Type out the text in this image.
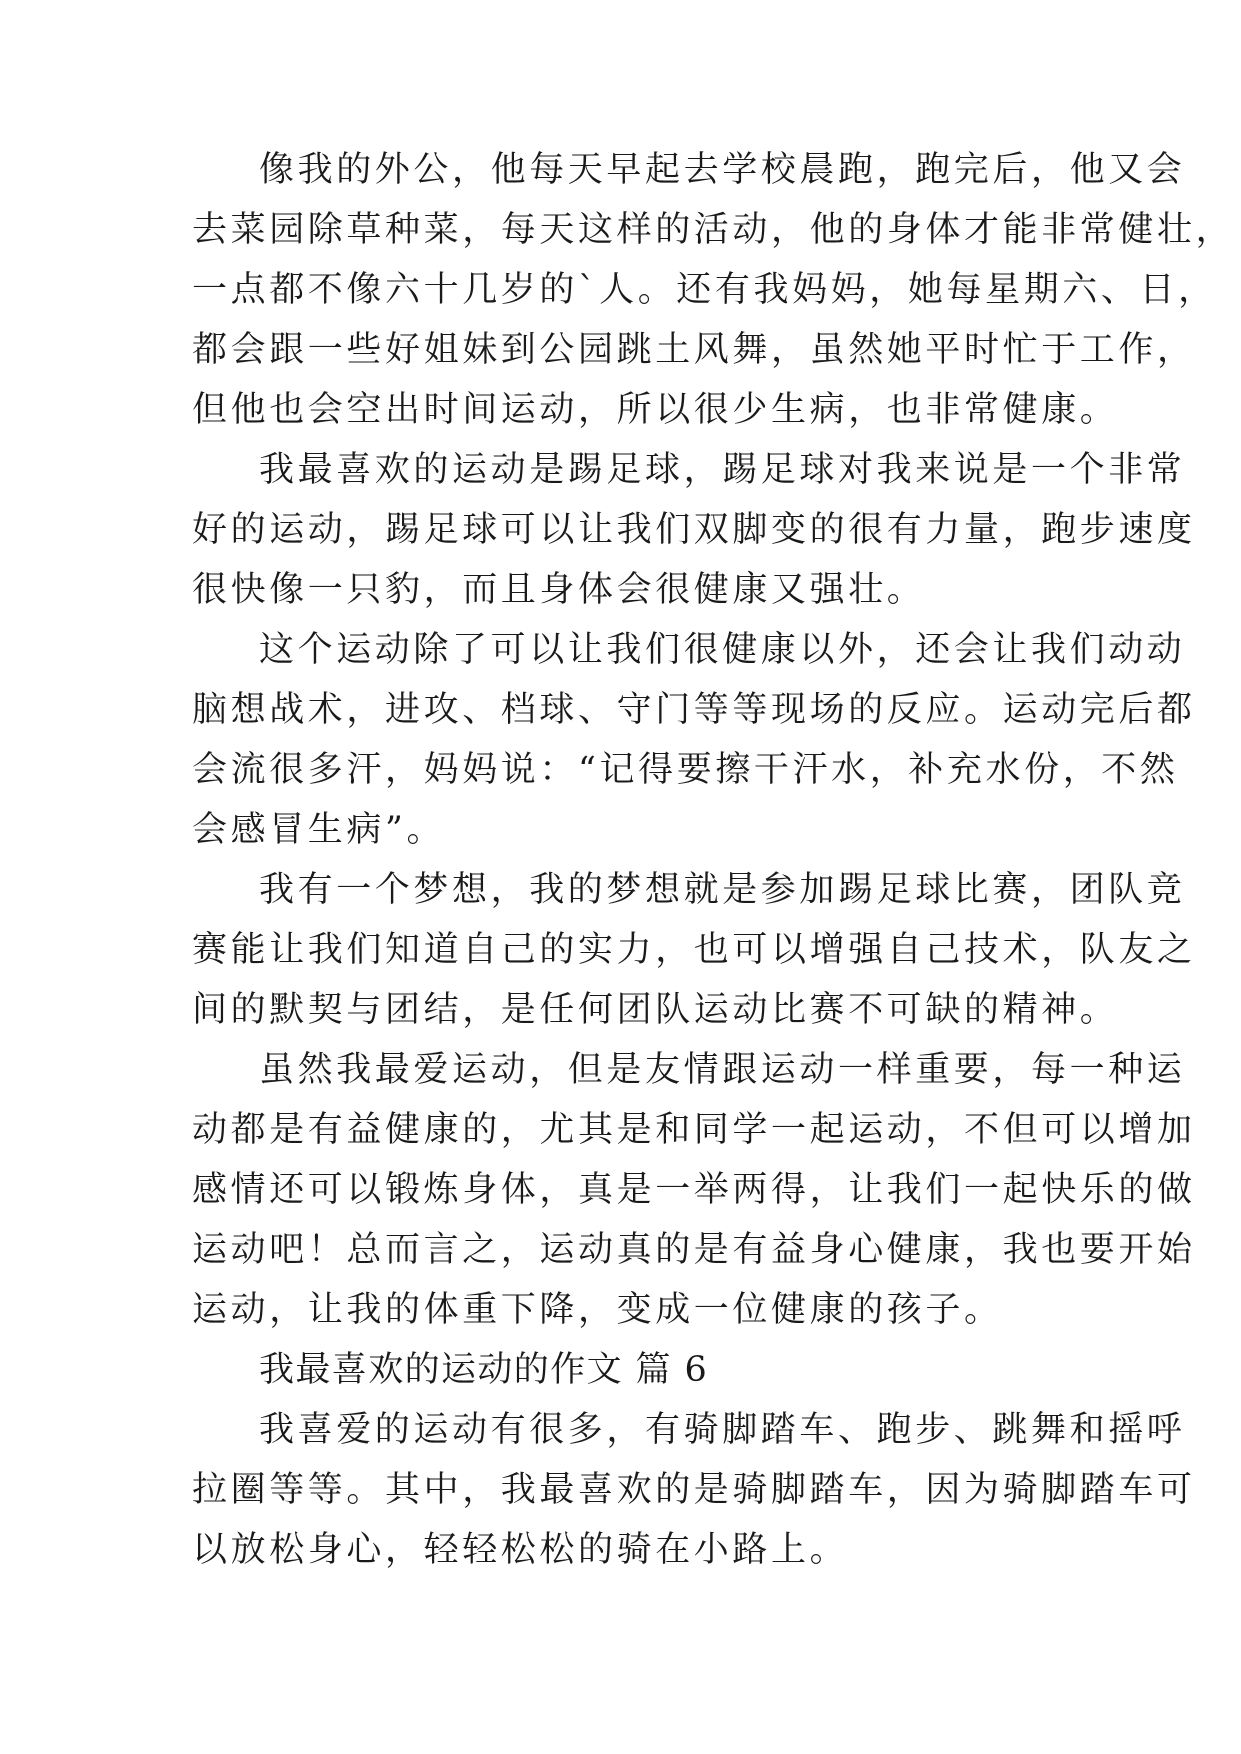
像我的外公，他每天早起去学校晨跑，跑完后，他又会
去菜园除草种菜，每天这样的活动，他的身体才能非常健壮，
一点都不像六十几岁的`人。还有我妈妈，她每星期六、日，
都会跟一些好姐妹到公园跳土风舞，虽然她平时忙于工作，
但他也会空出时间运动，所以很少生病，也非常健康。
我最喜欢的运动是踢足球，踢足球对我来说是一个非常
好的运动，踢足球可以让我们双脚变的很有力量，跑步速度
很快像一只豹，而且身体会很健康又强壮。
这个运动除了可以让我们很健康以外，还会让我们动动
脑想战术，进攻、档球、守门等等现场的反应。运动完后都
会流很多汗，妈妈说：“记得要擦干汗水，补充水份，不然
会感冒生病”。
我有一个梦想，我的梦想就是参加踢足球比赛，团队竞
赛能让我们知道自己的实力，也可以增强自己技术，队友之
间的默契与团结，是任何团队运动比赛不可缺的精神。
虽然我最爱运动，但是友情跟运动一样重要，每一种运
动都是有益健康的，尤其是和同学一起运动，不但可以增加
感情还可以锻炼身体，真是一举两得，让我们一起快乐的做
运动吧！总而言之，运动真的是有益身心健康，我也要开始
运动，让我的体重下降，变成一位健康的孩子。
我最喜欢的运动的作文 篇 6
我喜爱的运动有很多，有骑脚踏车、跑步、跳舞和摇呼
拉圈等等。其中，我最喜欢的是骑脚踏车，因为骑脚踏车可
以放松身心，轻轻松松的骑在小路上。
